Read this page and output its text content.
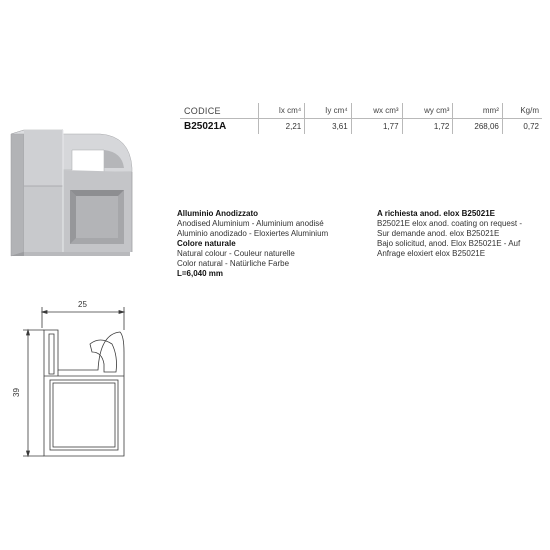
CODICE	Ix cm⁴	Iy cm⁴	wx cm³	wy cm³	mm²	Kg/m
B25021A	2,21	3,61	1,77	1,72	268,06	0,72
Alluminio Anodizzato
Anodised Aluminium - Aluminium anodisé
Aluminio anodizado - Eloxiertes Aluminium
Colore naturale
Natural colour - Couleur naturelle
Color natural - Natürliche Farbe
L=6,040 mm
A richiesta anod. elox B25021E
B25021E elox anod. coating on request -
Sur demande anod. elox B25021E
Bajo solicitud, anod. Elox B25021E - Auf
Anfrage eloxiert elox B25021E
25
39
